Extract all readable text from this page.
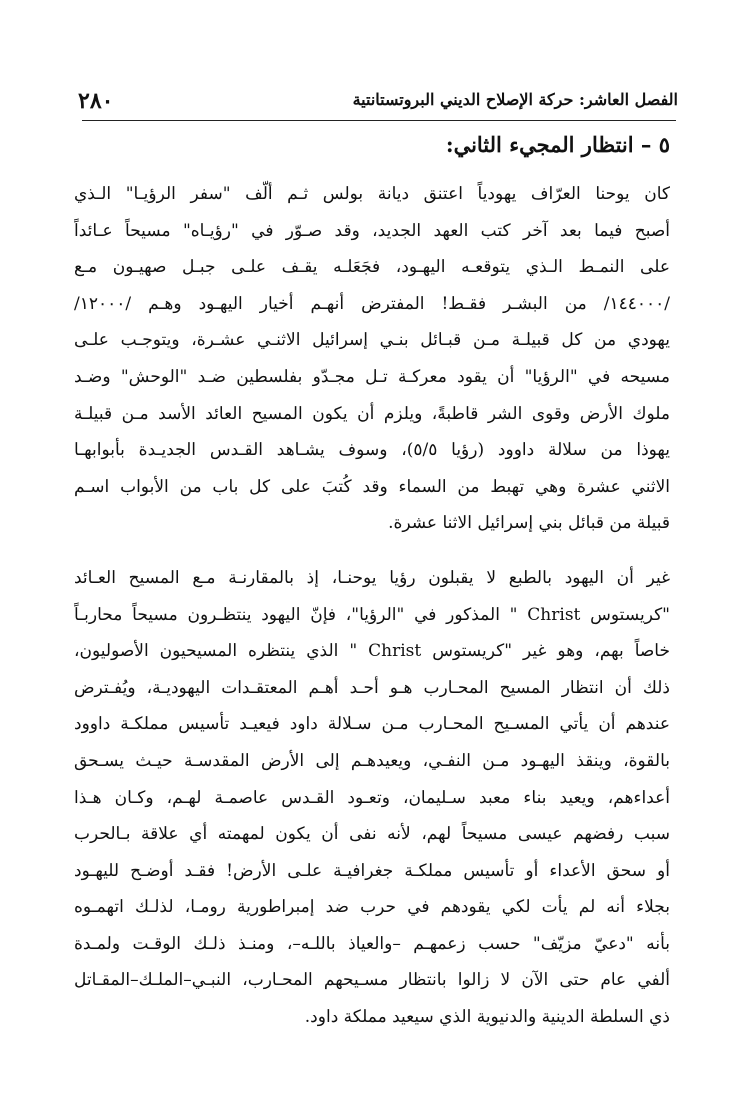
٢٨٠	الفصل العاشر: حركة الإصلاح الديني البروتستانتية
٥ – انتظار المجيء الثاني:
كان يوحنا العرّاف يهودياً اعتنق ديانة بولس ثـم ألّف "سفر الرؤيـا" الـذي
أصبح فيما بعد آخر كتب العهد الجديد، وقد صـوّر في "رؤيـاه" مسيحاً عـائداً
على النمـط الـذي يتوقعـه اليهـود، فجَعَلـه يقـف علـى جبـل صهيـون مـع
/١٤٤٠٠٠/ من البشـر فقـط! المفترض أنهـم أخيار اليهـود وهـم /١٢٠٠٠/
يهودي من كل قبيلـة مـن قبـائل بنـي إسرائيل الاثنـي عشـرة، ويتوجـب علـى
مسيحه في "الرؤيا" أن يقود معركـة تـل مجـدّو بفلسطين ضـد "الوحش" وضـد
ملوك الأرض وقوى الشر قاطبةً، ويلزم أن يكون المسيح العائد الأسد مـن قبيلـة
يهوذا من سلالة داوود (رؤيا ٥/٥)، وسوف يشـاهد القـدس الجديـدة بأبوابهـا
الاثني عشرة وهي تهبط من السماء وقد كُتبَ على كل باب من الأبواب اسـم
قبيلة من قبائل بني إسرائيل الاثنا عشرة.
غير أن اليهود بالطبع لا يقبلون رؤيا يوحنـا، إذ بالمقارنـة مـع المسيح العـائد
"كريستوس Christ " المذكور في "الرؤيا"، فإنّ اليهود ينتظـرون مسيحاً محاربـاً
خاصاً بهم، وهو غير "كريستوس Christ " الذي ينتظره المسيحيون الأصوليون،
ذلك أن انتظار المسيح المحـارب هـو أحـد أهـم المعتقـدات اليهوديـة، ويُفـترض
عندهم أن يأتي المسـيح المحـارب مـن سـلالة داود فيعيـد تأسيس مملكـة داوود
بالقوة، وينقذ اليهـود مـن النفـي، ويعيدهـم إلى الأرض المقدسـة حيـث يسـحق
أعداءهم، ويعيد بناء معبد سـليمان، وتعـود القـدس عاصمـة لهـم، وكـان هـذا
سبب رفضهم عيسى مسيحاً لهم، لأنه نفى أن يكون لمهمته أي علاقة بـالحرب
أو سحق الأعداء أو تأسيس مملكـة جغرافيـة علـى الأرض! فقـد أوضـح لليهـود
بجلاء أنه لم يأت لكي يقودهم في حرب ضد إمبراطورية رومـا، لذلـك اتهمـوه
بأنه "دعيّ مزيّف" حسب زعمهـم –والعياذ باللـه–، ومنـذ ذلـك الوقـت ولمـدة
ألفي عام حتى الآن لا زالوا بانتظار مسـيحهم المحـارب، النبـي–الملـك–المقـاتل
ذي السلطة الدينية والدنيوية الذي سيعيد مملكة داود.
